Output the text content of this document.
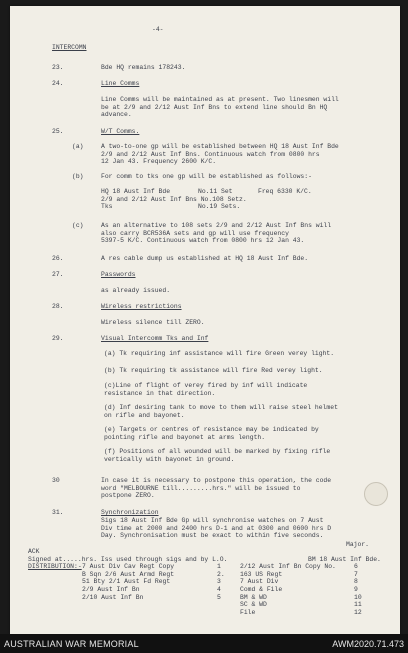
-4-
INTERCOMN
23.	Bde HQ remains 178243.
24.	Line Comms
Line Comms will be maintained as at present. Two linesmen will
be at 2/9 and 2/12 Aust Inf Bns to extend line should Bn HQ
advance.
25.	W/T Comms.
(a)	A two-to-one gp will be established between HQ 18 Aust Inf Bde
2/9 and 2/12 Aust Inf Bns. Continuous watch from 0800 hrs
12 Jan 43. Frequency 2600 K/C.
(b)	For comm to tks one gp will be established as follows:-
HQ 18 Aust Inf Bde	No.11 Set	Freq 6330 K/C.
2/9 and 2/12 Aust Inf Bns No.108 Setz.
Tks	No.19 Sets.
(c)	As an alternative to 108 sets 2/9 and 2/12 Aust Inf Bns will
also carry BCR536A sets and gp will use frequency
5397-5 K/C. Continuous watch from 0800 hrs 12 Jan 43.
26.	A res cable dump us established at HQ 18 Aust Inf Bde.
27.	Passwords
as already issued.
28.	Wireless restrictions
Wireless silence till ZERO.
29.	Visual Intercomm Tks and Inf
(a) Tk requiring inf assistance will fire Green verey light.
(b) Tk requiring tk assistance will fire Red verey light.
(c)Line of flight of verey fired by inf will indicate
resistance in that direction.
(d) Inf desiring tank to move to them will raise steel helmet
on rifle and bayonet.
(e) Targets or centres of resistance may be indicated by
pointing rifle and bayonet at arms length.
(f) Positions of all wounded will be marked by fixing rifle
vertically with bayonet in ground.
30	In case it is necessary to postpone this operation, the code
word "MELBOURNE till.........hrs." will be issued to
postpone ZERO.
31.	Synchronization
Sigs 18 Aust Inf Bde Gp will synchronise watches on 7 Aust
Div time at 2000 and 2400 hrs D-1 and at 0300 and 0600 hrs D
Day. Synchronisation must be exact to within five seconds.
Major.
ACK
Signed at.....hrs. Iss used through sigs and by L.O.	BM 18 Aust Inf Bde.
DISTRIBUTION:- 7 Aust Div Cav Regt Copy	1
B Sqn 2/6 Aust Armd Regt	2.
51 Bty 2/1 Aust Fd Regt	3
2/9 Aust Inf Bn	4
2/10 Aust Inf Bn	5
2/12 Aust Inf Bn Copy No.	6
163 US Regt	7
7 Aust Div	8
Comd & File	9
BM & WD	10
SC & WD	11
File	12
AUSTRALIAN WAR MEMORIAL	AWM2020.71.473
